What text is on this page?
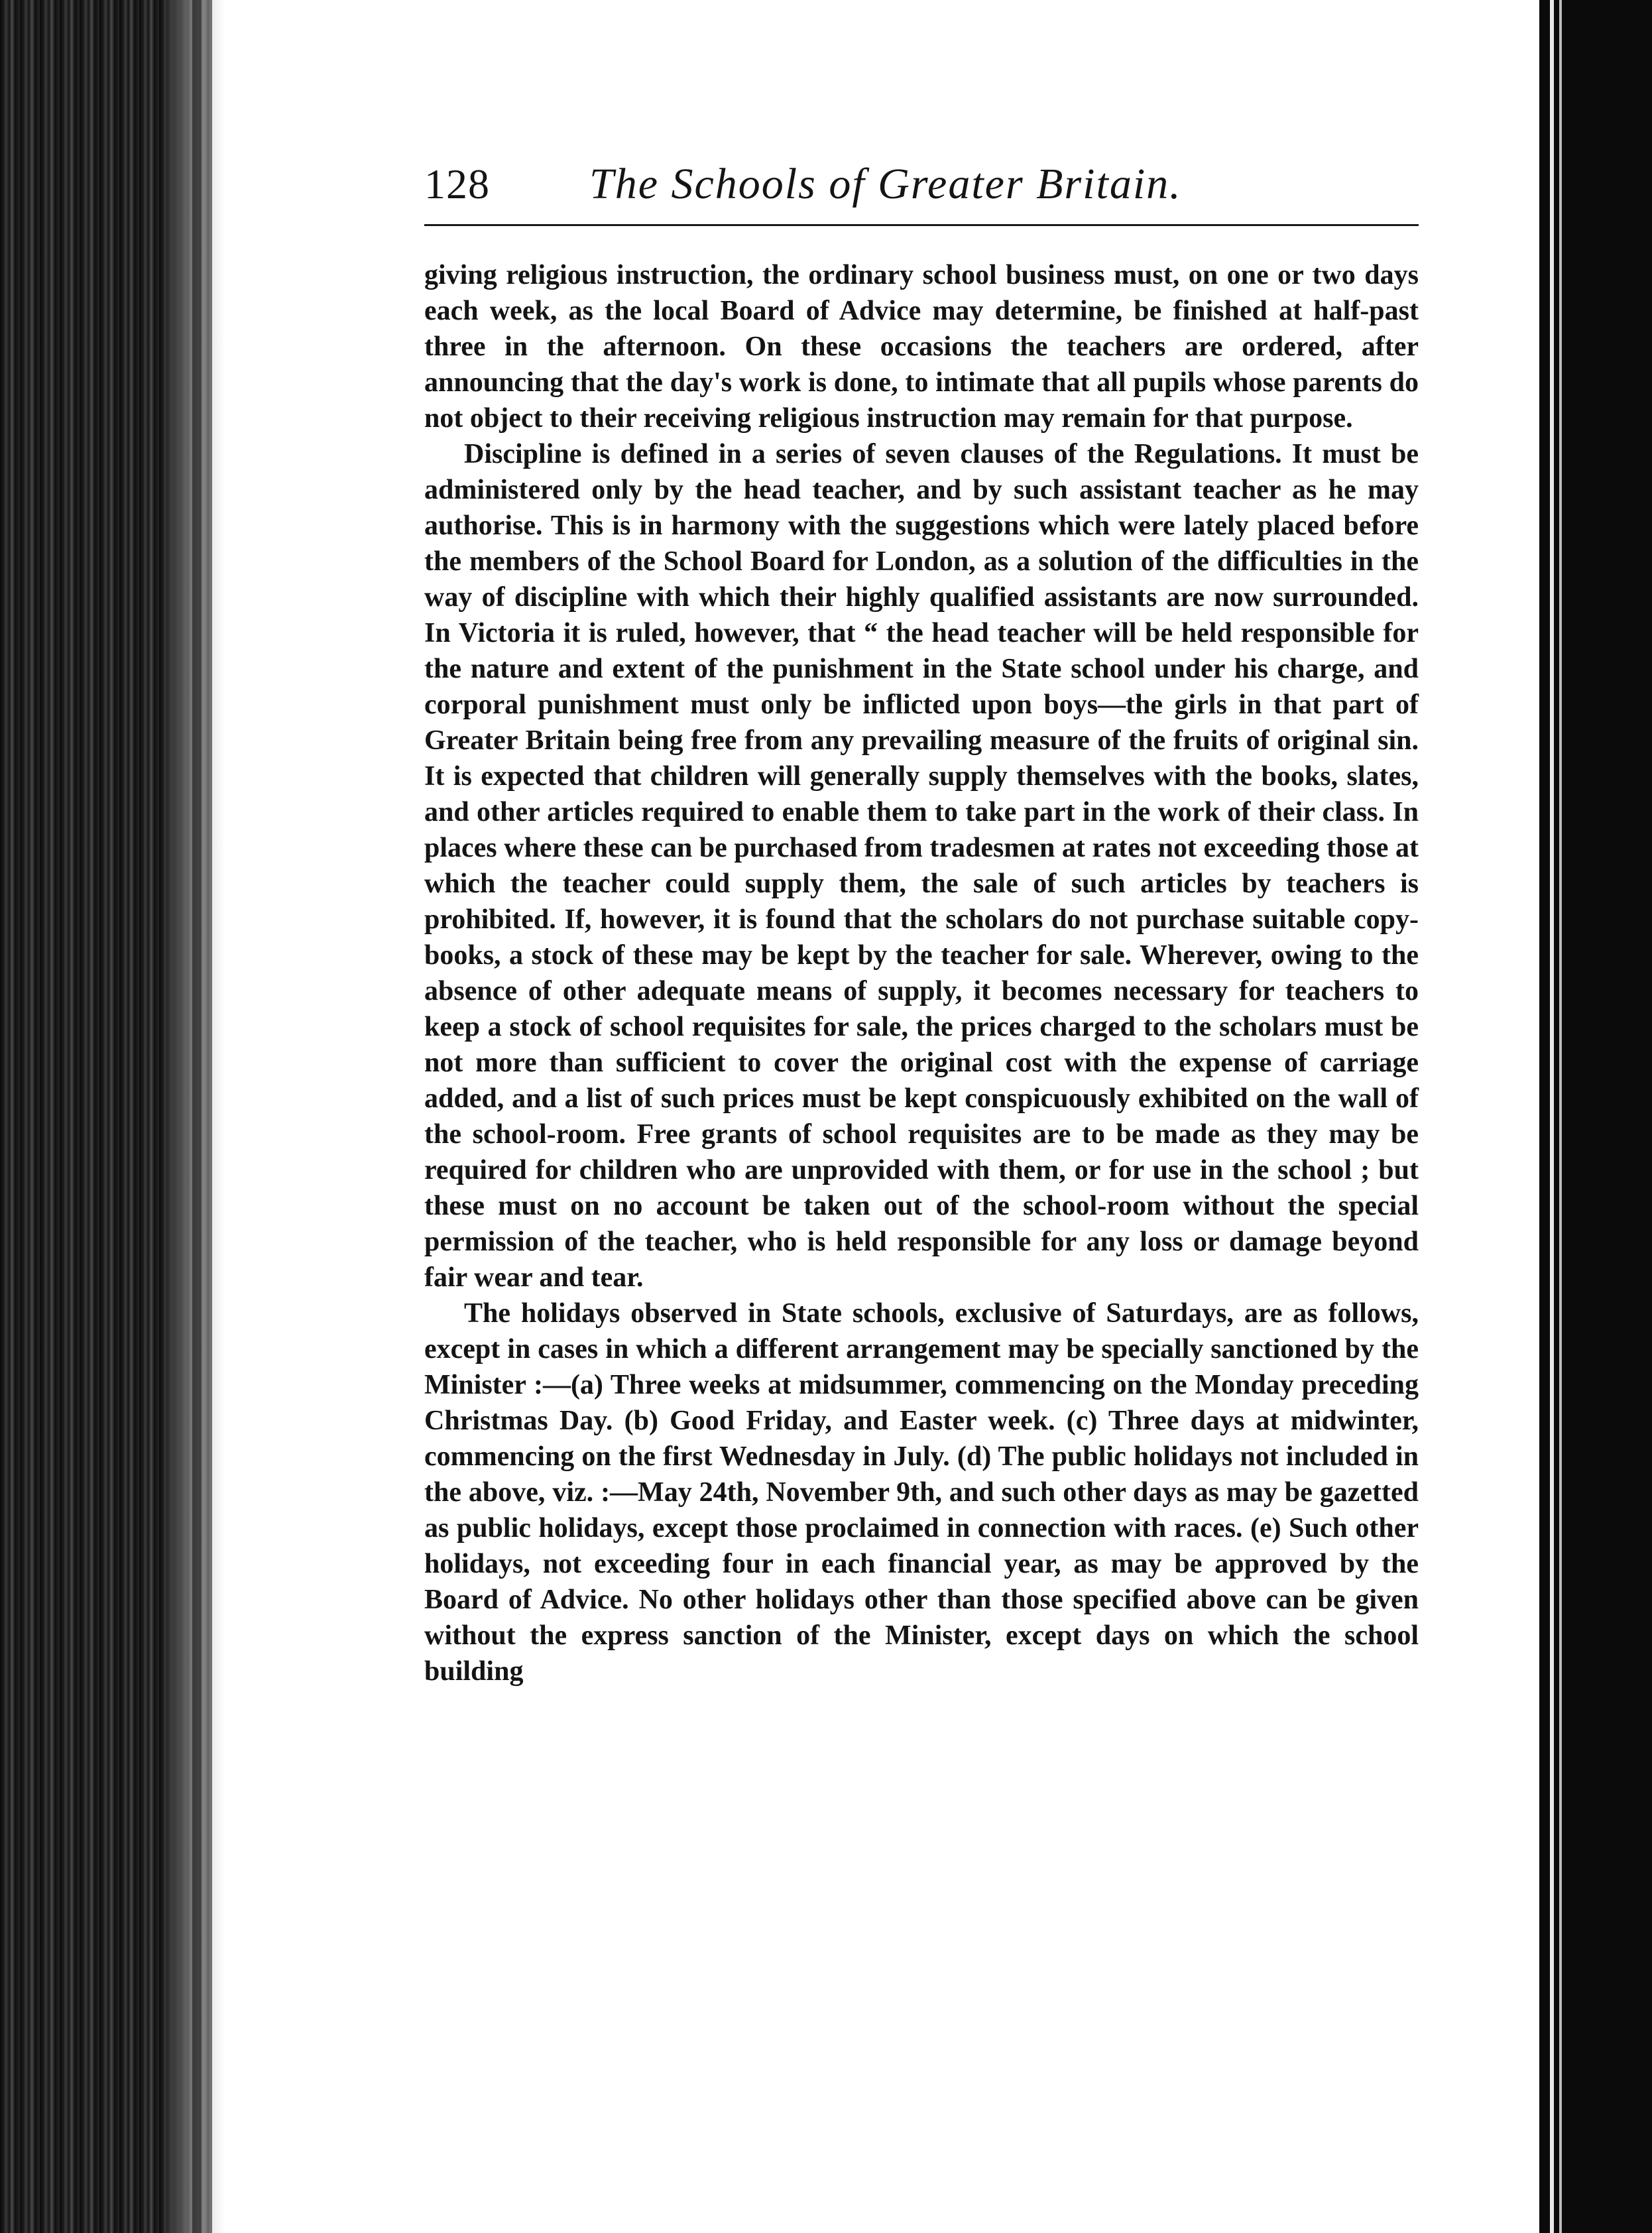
128 The Schools of Greater Britain.

giving religious instruction, the ordinary school business must, on one or two days each week, as the local Board of Advice may determine, be finished at half-past three in the afternoon. On these occasions the teachers are ordered, after announcing that the day's work is done, to intimate that all pupils whose parents do not object to their receiving religious instruction may remain for that purpose.

Discipline is defined in a series of seven clauses of the Regulations. It must be administered only by the head teacher, and by such assistant teacher as he may authorise. This is in harmony with the suggestions which were lately placed before the members of the School Board for London, as a solution of the difficulties in the way of discipline with which their highly qualified assistants are now surrounded. In Victoria it is ruled, however, that “ the head teacher will be held responsible for the nature and extent of the punishment in the State school under his charge, and corporal punishment must only be inflicted upon boys—the girls in that part of Greater Britain being free from any prevailing measure of the fruits of original sin. It is expected that children will generally supply themselves with the books, slates, and other articles required to enable them to take part in the work of their class. In places where these can be purchased from tradesmen at rates not exceeding those at which the teacher could supply them, the sale of such articles by teachers is prohibited. If, however, it is found that the scholars do not purchase suitable copy-books, a stock of these may be kept by the teacher for sale. Wherever, owing to the absence of other adequate means of supply, it becomes necessary for teachers to keep a stock of school requisites for sale, the prices charged to the scholars must be not more than sufficient to cover the original cost with the expense of carriage added, and a list of such prices must be kept conspicuously exhibited on the wall of the school-room. Free grants of school requisites are to be made as they may be required for children who are unprovided with them, or for use in the school ; but these must on no account be taken out of the school-room without the special permission of the teacher, who is held responsible for any loss or damage beyond fair wear and tear.

The holidays observed in State schools, exclusive of Saturdays, are as follows, except in cases in which a different arrangement may be specially sanctioned by the Minister :—(a) Three weeks at midsummer, commencing on the Monday preceding Christmas Day. (b) Good Friday, and Easter week. (c) Three days at midwinter, commencing on the first Wednesday in July. (d) The public holidays not included in the above, viz. :—May 24th, November 9th, and such other days as may be gazetted as public holidays, except those proclaimed in connection with races. (e) Such other holidays, not exceeding four in each financial year, as may be approved by the Board of Advice. No other holidays other than those specified above can be given without the express sanction of the Minister, except days on which the school building
